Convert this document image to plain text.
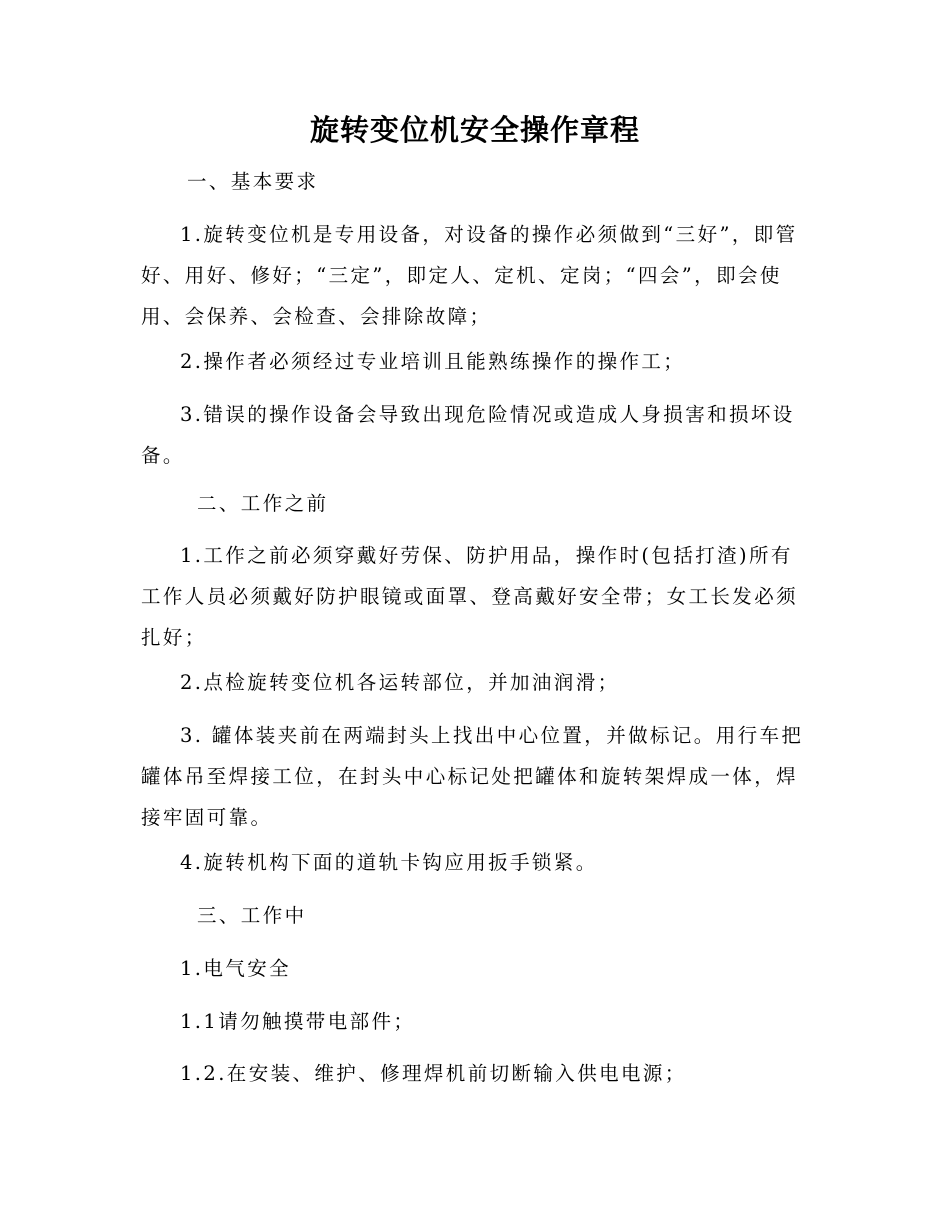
旋转变位机安全操作章程

一、基本要求

1.旋转变位机是专用设备，对设备的操作必须做到“三好”，即管好、用好、修好；“三定”，即定人、定机、定岗；“四会”，即会使用、会保养、会检查、会排除故障；

2.操作者必须经过专业培训且能熟练操作的操作工；

3.错误的操作设备会导致出现危险情况或造成人身损害和损坏设备。

二、工作之前

1.工作之前必须穿戴好劳保、防护用品，操作时(包括打渣)所有工作人员必须戴好防护眼镜或面罩、登高戴好安全带；女工长发必须扎好；

2.点检旋转变位机各运转部位，并加油润滑；

3. 罐体装夹前在两端封头上找出中心位置，并做标记。用行车把罐体吊至焊接工位，在封头中心标记处把罐体和旋转架焊成一体，焊接牢固可靠。

4.旋转机构下面的道轨卡钩应用扳手锁紧。

三、工作中

1.电气安全

1.1请勿触摸带电部件；

1.2.在安装、维护、修理焊机前切断输入供电电源；
